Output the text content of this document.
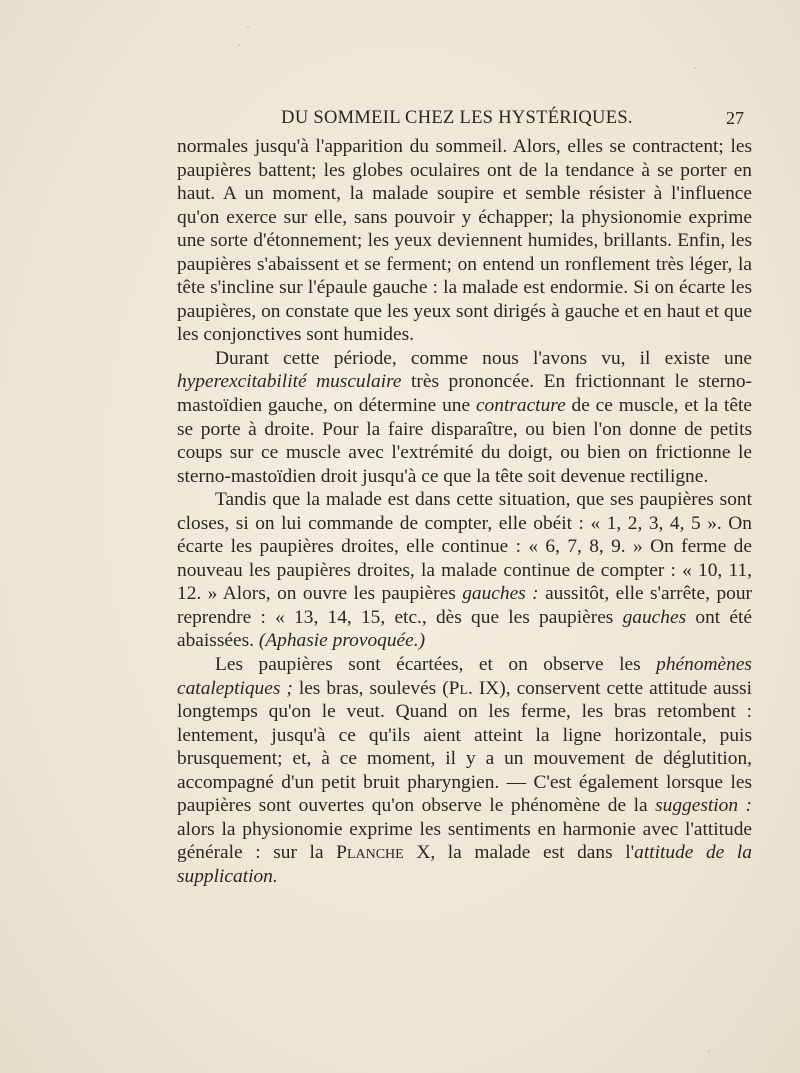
DU SOMMEIL CHEZ LES HYSTÉRIQUES.	27

normales jusqu'à l'apparition du sommeil. Alors, elles se contractent; les paupières battent; les globes oculaires ont de la tendance à se porter en haut. A un moment, la malade soupire et semble résister à l'influence qu'on exerce sur elle, sans pouvoir y échapper; la physionomie exprime une sorte d'étonnement; les yeux deviennent humides, brillants. Enfin, les paupières s'abaissent et se ferment; on entend un ronflement très léger, la tête s'incline sur l'épaule gauche : la malade est endormie. Si on écarte les paupières, on constate que les yeux sont dirigés à gauche et en haut et que les conjonctives sont humides.

Durant cette période, comme nous l'avons vu, il existe une hyperexcitabilité musculaire très prononcée. En frictionnant le sterno-mastoïdien gauche, on détermine une contracture de ce muscle, et la tête se porte à droite. Pour la faire disparaître, ou bien l'on donne de petits coups sur ce muscle avec l'extrémité du doigt, ou bien on frictionne le sterno-mastoïdien droit jusqu'à ce que la tête soit devenue rectiligne.

Tandis que la malade est dans cette situation, que ses paupières sont closes, si on lui commande de compter, elle obéit : « 1, 2, 3, 4, 5 ». On écarte les paupières droites, elle continue : « 6, 7, 8, 9. » On ferme de nouveau les paupières droites, la malade continue de compter : « 10, 11, 12. » Alors, on ouvre les paupières gauches : aussitôt, elle s'arrête, pour reprendre : « 13, 14, 15, etc., dès que les paupières gauches ont été abaissées. (Aphasie provoquée.)

Les paupières sont écartées, et on observe les phénomènes cataleptiques ; les bras, soulevés (Pl. IX), conservent cette attitude aussi longtemps qu'on le veut. Quand on les ferme, les bras retombent : lentement, jusqu'à ce qu'ils aient atteint la ligne horizontale, puis brusquement; et, à ce moment, il y a un mouvement de déglutition, accompagné d'un petit bruit pharyngien. — C'est également lorsque les paupières sont ouvertes qu'on observe le phénomène de la suggestion : alors la physionomie exprime les sentiments en harmonie avec l'attitude générale : sur la Planche X, la malade est dans l'attitude de la supplication.
